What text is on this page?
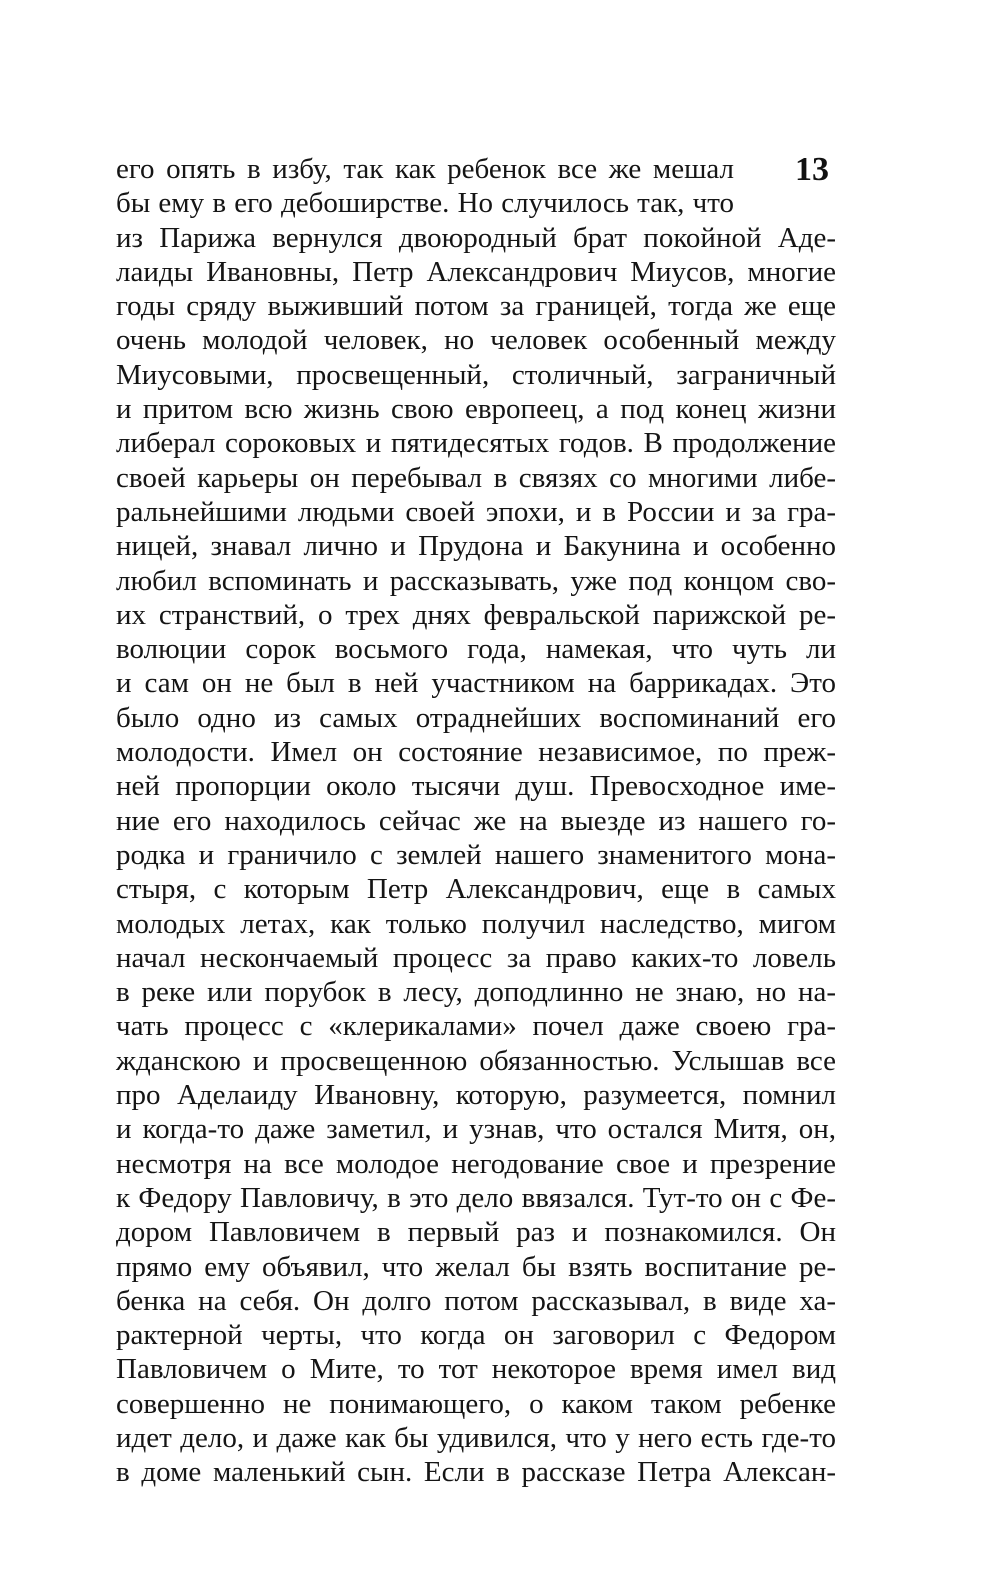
13
его опять в избу, так как ребенок все же мешал
бы ему в его дебоширстве. Но случилось так, что
из Парижа вернулся двоюродный брат покойной Аде-
лаиды Ивановны, Петр Александрович Миусов, многие
годы сряду выживший потом за границей, тогда же еще
очень молодой человек, но человек особенный между
Миусовыми, просвещенный, столичный, заграничный
и притом всю жизнь свою европеец, а под конец жизни
либерал сороковых и пятидесятых годов. В продолжение
своей карьеры он перебывал в связях со многими либе-
ральнейшими людьми своей эпохи, и в России и за гра-
ницей, знавал лично и Прудона и Бакунина и особенно
любил вспоминать и рассказывать, уже под концом сво-
их странствий, о трех днях февральской парижской ре-
волюции сорок восьмого года, намекая, что чуть ли
и сам он не был в ней участником на баррикадах. Это
было одно из самых отраднейших воспоминаний его
молодости. Имел он состояние независимое, по преж-
ней пропорции около тысячи душ. Превосходное име-
ние его находилось сейчас же на выезде из нашего го-
родка и граничило с землей нашего знаменитого мона-
стыря, с которым Петр Александрович, еще в самых
молодых летах, как только получил наследство, мигом
начал нескончаемый процесс за право каких-то ловель
в реке или порубок в лесу, доподлинно не знаю, но на-
чать процесс с «клерикалами» почел даже своею гра-
жданскою и просвещенною обязанностью. Услышав все
про Аделаиду Ивановну, которую, разумеется, помнил
и когда-то даже заметил, и узнав, что остался Митя, он,
несмотря на все молодое негодование свое и презрение
к Федору Павловичу, в это дело ввязался. Тут-то он с Фе-
дором Павловичем в первый раз и познакомился. Он
прямо ему объявил, что желал бы взять воспитание ре-
бенка на себя. Он долго потом рассказывал, в виде ха-
рактерной черты, что когда он заговорил с Федором
Павловичем о Мите, то тот некоторое время имел вид
совершенно не понимающего, о каком таком ребенке
идет дело, и даже как бы удивился, что у него есть где-то
в доме маленький сын. Если в рассказе Петра Алексан-
